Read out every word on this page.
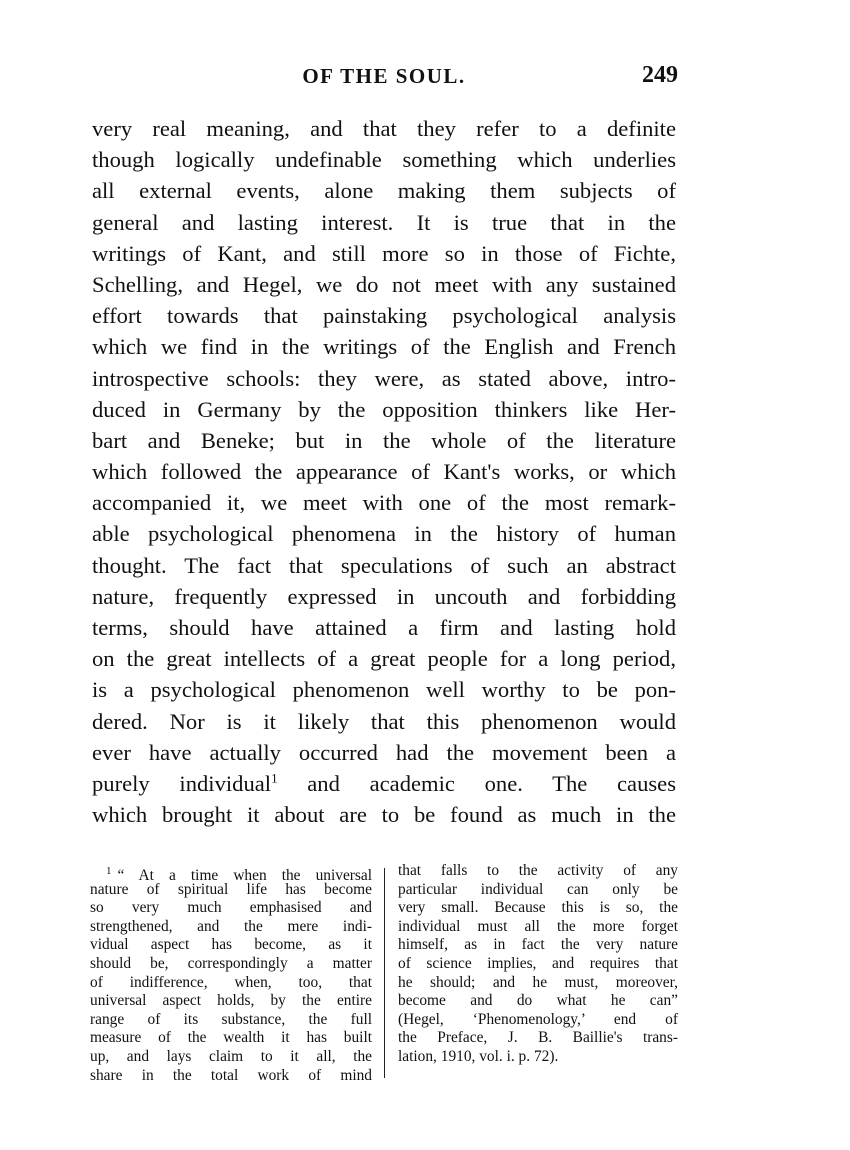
OF THE SOUL.	249
very real meaning, and that they refer to a definite
though logically undefinable something which underlies
all external events, alone making them subjects of
general and lasting interest. It is true that in the
writings of Kant, and still more so in those of Fichte,
Schelling, and Hegel, we do not meet with any sustained
effort towards that painstaking psychological analysis
which we find in the writings of the English and French
introspective schools: they were, as stated above, intro-
duced in Germany by the opposition thinkers like Her-
bart and Beneke; but in the whole of the literature
which followed the appearance of Kant's works, or which
accompanied it, we meet with one of the most remark-
able psychological phenomena in the history of human
thought. The fact that speculations of such an abstract
nature, frequently expressed in uncouth and forbidding
terms, should have attained a firm and lasting hold
on the great intellects of a great people for a long period,
is a psychological phenomenon well worthy to be pon-
dered. Nor is it likely that this phenomenon would
ever have actually occurred had the movement been a
purely individual$^1$ and academic one. The causes
which brought it about are to be found as much in the
$^1$ “ At a time when the universal
nature of spiritual life has become
so very much emphasised and
strengthened, and the mere indi-
vidual aspect has become, as it
should be, correspondingly a matter
of indifference, when, too, that
universal aspect holds, by the entire
range of its substance, the full
measure of the wealth it has built
up, and lays claim to it all, the
share in the total work of mind
that falls to the activity of any
particular individual can only be
very small. Because this is so, the
individual must all the more forget
himself, as in fact the very nature
of science implies, and requires that
he should; and he must, moreover,
become and do what he can”
(Hegel, ‘Phenomenology,’ end of
the Preface, J. B. Baillie's trans-
lation, 1910, vol. i. p. 72).
